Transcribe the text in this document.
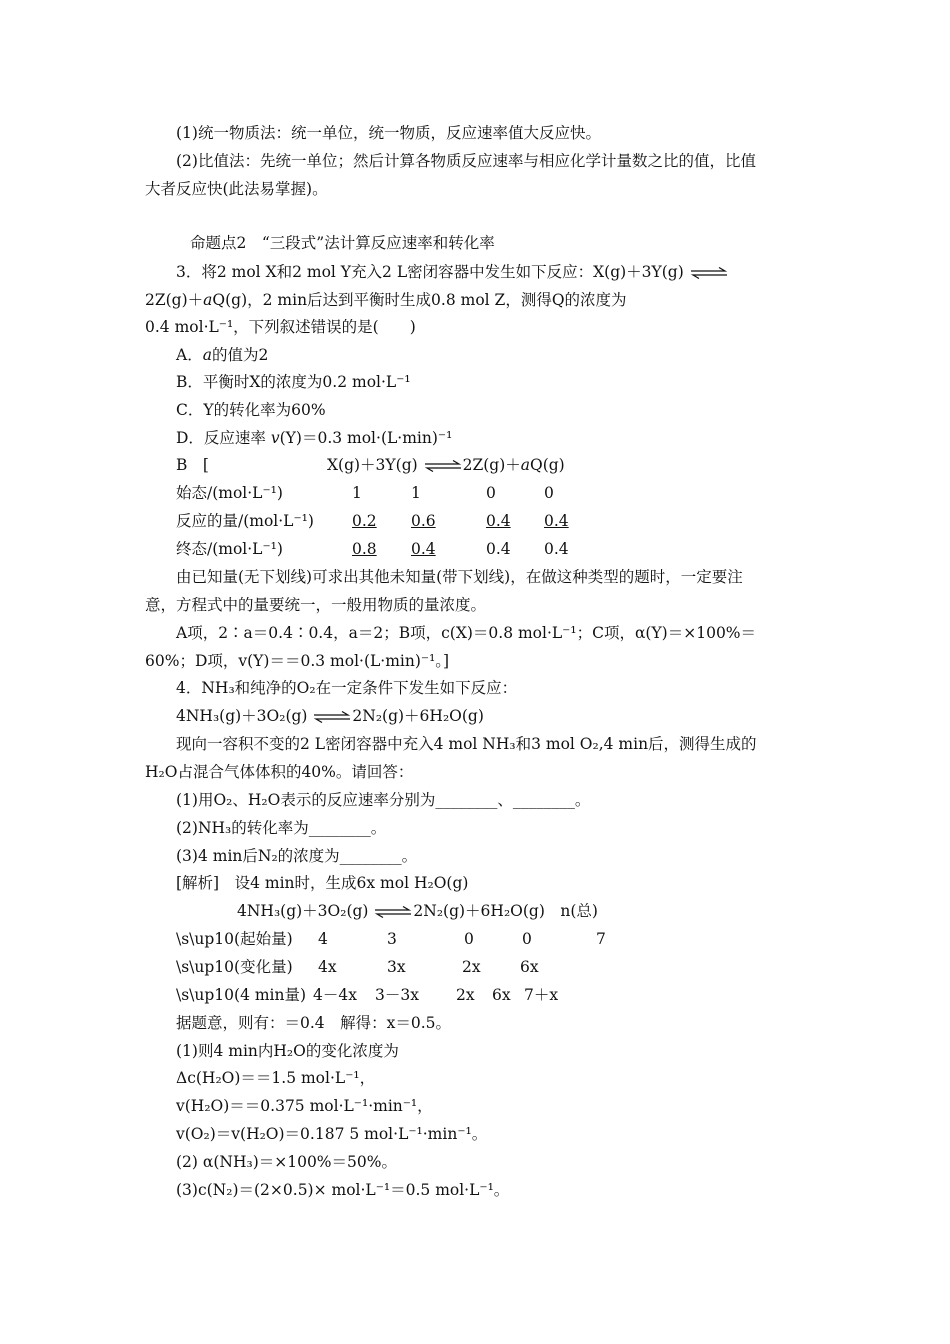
(1)统一物质法：统一单位，统一物质，反应速率值大反应快。
(2)比值法：先统一单位；然后计算各物质反应速率与相应化学计量数之比的值，比值
大者反应快(此法易掌握)。
命题点2　“三段式”法计算反应速率和转化率
3．将2 mol X和2 mol Y充入2 L密闭容器中发生如下反应：X(g)＋3Y(g) ⇌
2Z(g)＋aQ(g)，2 min后达到平衡时生成0.8 mol Z，测得Q的浓度为
0.4 mol·L⁻¹，下列叙述错误的是(　　)
A．a的值为2
B．平衡时X的浓度为0.2 mol·L⁻¹
C．Y的转化率为60%
D．反应速率 v(Y)＝0.3 mol·(L·min)⁻¹
B　[	X(g)＋3Y(g) ⇌2Z(g)＋aQ(g)
始态/(mol·L⁻¹)	1	1	0	0
反应的量/(mol·L⁻¹) 0.2 0.6	0.4 0.4
终态/(mol·L⁻¹)	0.8 0.4	0.4 0.4
由已知量(无下划线)可求出其他未知量(带下划线)，在做这种类型的题时，一定要注
意，方程式中的量要统一，一般用物质的量浓度。
A项，2∶a＝0.4∶0.4，a＝2；B项，c(X)＝0.8 mol·L⁻¹；C项，α(Y)＝×100%＝
60%；D项，v(Y)＝＝0.3 mol·(L·min)⁻¹。]
4．NH₃和纯净的O₂在一定条件下发生如下反应：
4NH₃(g)＋3O₂(g) ⇌2N₂(g)＋6H₂O(g)
现向一容积不变的2 L密闭容器中充入4 mol NH₃和3 mol O₂,4 min后，测得生成的
H₂O占混合气体体积的40%。请回答：
(1)用O₂、H₂O表示的反应速率分别为________、________。
(2)NH₃的转化率为________。
(3)4 min后N₂的浓度为________。
[解析]　设4 min时，生成6x mol H₂O(g)
4NH₃(g)＋3O₂(g) ⇌2N₂(g)＋6H₂O(g)　n(总)
\s\up10(起始量) 4	3	0	0	7
\s\up10(变化量) 4x	3x	2x	6x
\s\up10(4 min量) 4－4x 3－3x 2x 6x 7＋x
据题意，则有：＝0.4　解得：x＝0.5。
(1)则4 min内H₂O的变化浓度为
Δc(H₂O)＝＝1.5 mol·L⁻¹，
v(H₂O)＝＝0.375 mol·L⁻¹·min⁻¹，
v(O₂)＝v(H₂O)＝0.187 5 mol·L⁻¹·min⁻¹。
(2) α(NH₃)＝×100%＝50%。
(3)c(N₂)＝(2×0.5)× mol·L⁻¹＝0.5 mol·L⁻¹。
